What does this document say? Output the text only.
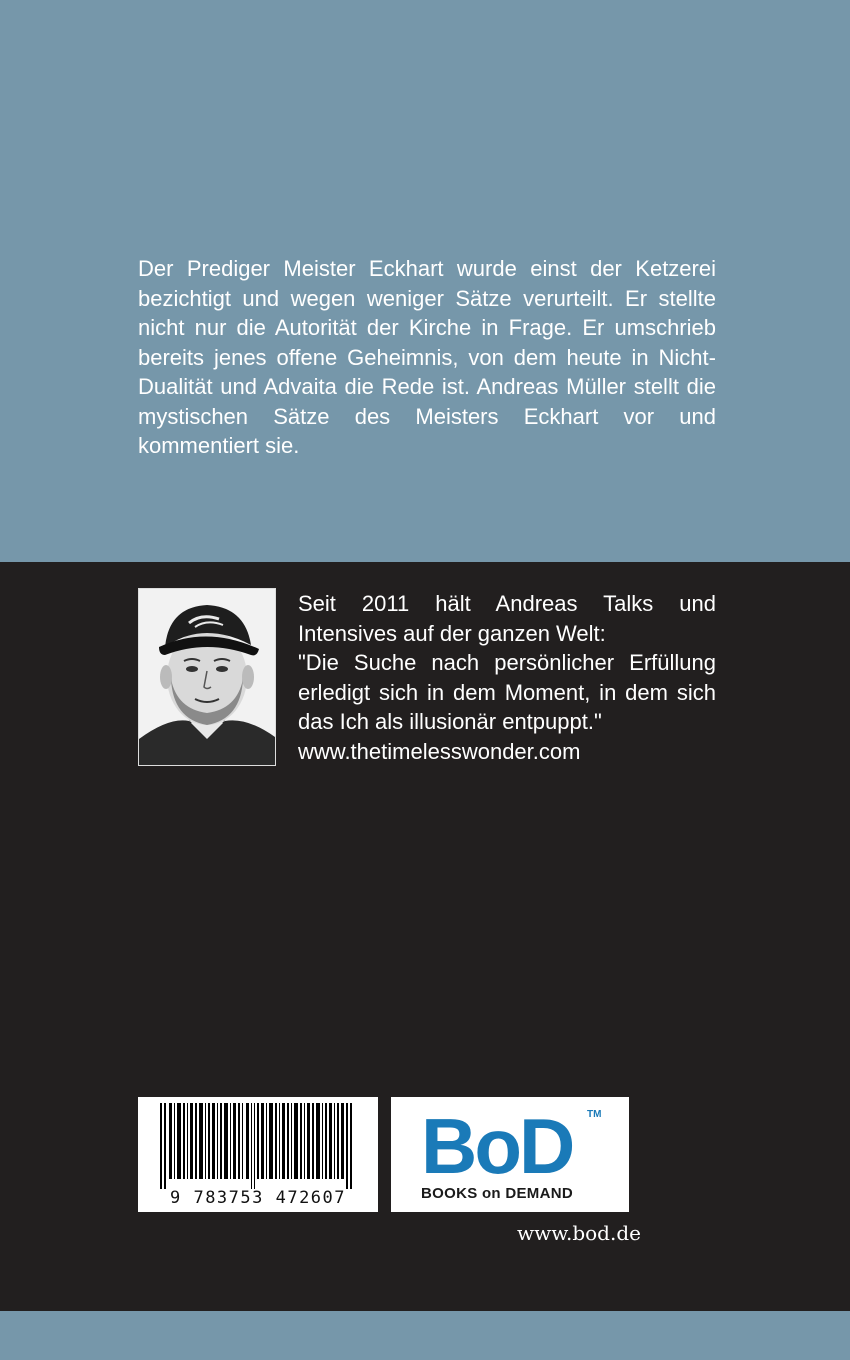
Der Prediger Meister Eckhart wurde einst der Ketzerei bezichtigt und wegen weniger Sätze verurteilt. Er stellte nicht nur die Autorität der Kirche in Frage. Er umschrieb bereits jenes offene Geheimnis, von dem heute in Nicht-Dualität und Advaita die Rede ist. Andreas Müller stellt die mystischen Sätze des Meisters Eckhart vor und kommentiert sie.

Seit 2011 hält Andreas Talks und Intensives auf der ganzen Welt:
"Die Suche nach persönlicher Erfüllung erledigt sich in dem Moment, in dem sich das Ich als illusionär entpuppt."
www.thetimelesswonder.com
9 783753 472607
BoD TM
BOOKS on DEMAND
www.bod.de
